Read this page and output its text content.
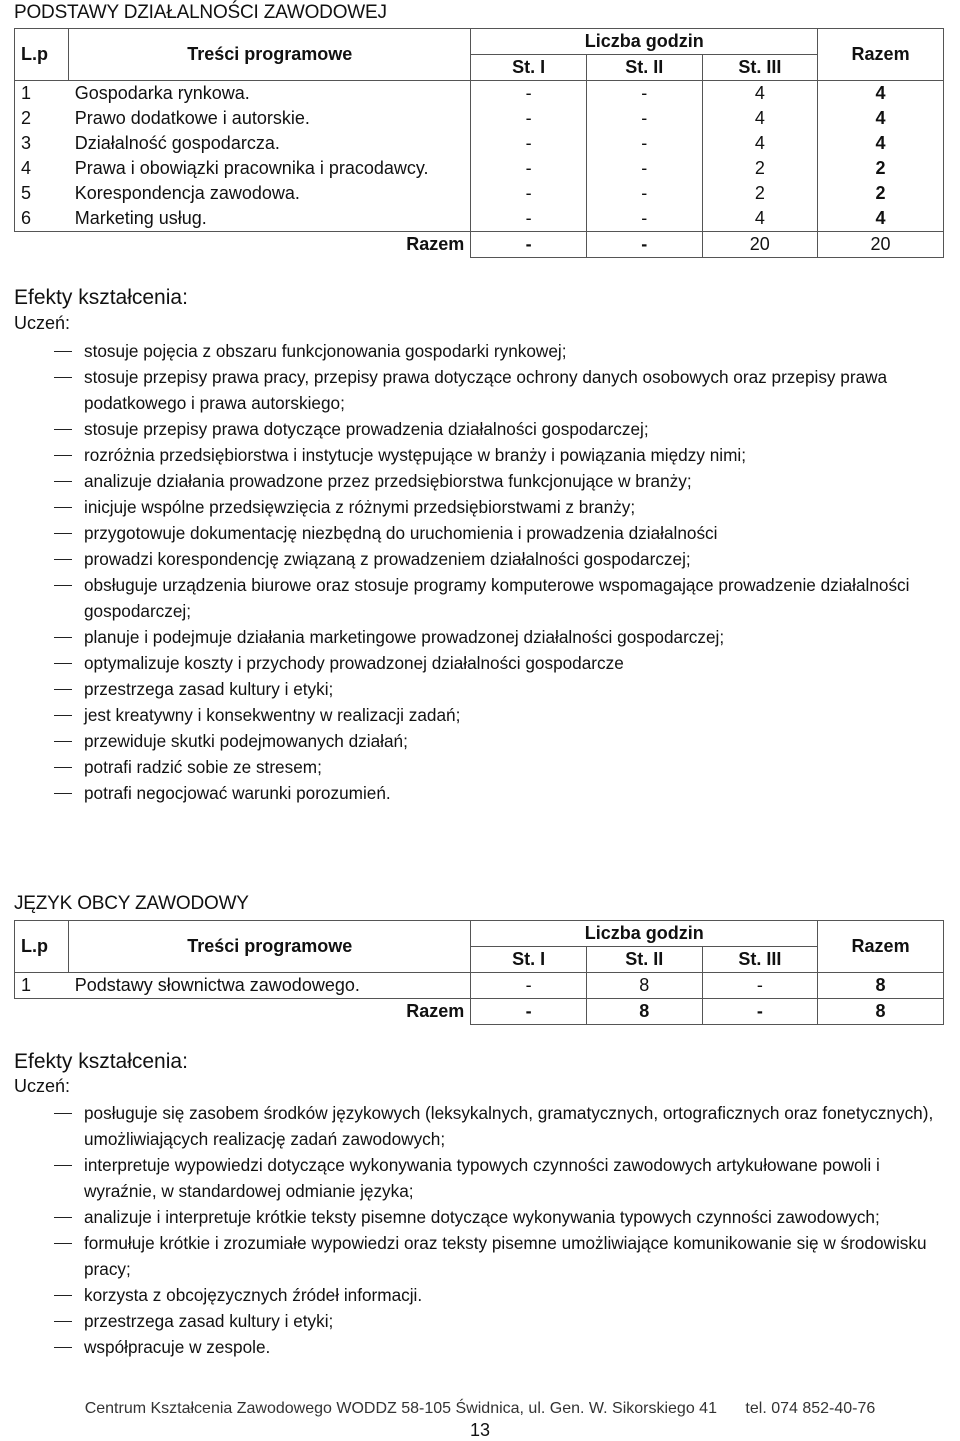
PODSTAWY DZIAŁALNOŚCI ZAWODOWEJ
L.p	Treści programowe	Liczba godzin			Razem
		St. I	St. II	St. III	
1	Gospodarka rynkowa.	-	-	4	4
2	Prawo dodatkowe i autorskie.	-	-	4	4
3	Działalność gospodarcza.	-	-	4	4
4	Prawa i obowiązki pracownika i pracodawcy.	-	-	2	2
5	Korespondencja zawodowa.	-	-	2	2
6	Marketing usług.	-	-	4	4
	Razem	-	-	20	20
Efekty kształcenia:
Uczeń:
stosuje pojęcia z obszaru funkcjonowania gospodarki rynkowej;
stosuje przepisy prawa pracy, przepisy prawa dotyczące ochrony danych osobowych oraz przepisy prawa podatkowego i prawa autorskiego;
stosuje przepisy prawa dotyczące prowadzenia działalności gospodarczej;
rozróżnia przedsiębiorstwa i instytucje występujące w branży i powiązania między nimi;
analizuje działania prowadzone przez przedsiębiorstwa funkcjonujące w branży;
inicjuje wspólne przedsięwzięcia z różnymi przedsiębiorstwami z branży;
przygotowuje dokumentację niezbędną do uruchomienia i prowadzenia działalności
prowadzi korespondencję związaną z prowadzeniem działalności gospodarczej;
obsługuje urządzenia biurowe oraz stosuje programy komputerowe wspomagające prowadzenie działalności gospodarczej;
planuje i podejmuje działania marketingowe prowadzonej działalności gospodarczej;
optymalizuje koszty i przychody prowadzonej działalności gospodarcze
przestrzega zasad kultury i etyki;
jest kreatywny i konsekwentny w realizacji zadań;
przewiduje skutki podejmowanych działań;
potrafi radzić sobie ze stresem;
potrafi negocjować warunki porozumień.
JĘZYK OBCY ZAWODOWY
L.p	Treści programowe	Liczba godzin			Razem
		St. I	St. II	St. III	
1	Podstawy słownictwa zawodowego.	-	8	-	8
	Razem	-	8	-	8
Efekty kształcenia:
Uczeń:
posługuje się zasobem środków językowych (leksykalnych, gramatycznych, ortograficznych oraz fonetycznych), umożliwiających realizację zadań zawodowych;
interpretuje wypowiedzi dotyczące wykonywania typowych czynności zawodowych artykułowane powoli i wyraźnie, w standardowej odmianie języka;
analizuje i interpretuje krótkie teksty pisemne dotyczące wykonywania typowych czynności zawodowych;
formułuje krótkie i zrozumiałe wypowiedzi oraz teksty pisemne umożliwiające komunikowanie się w środowisku pracy;
korzysta z obcojęzycznych źródeł informacji.
przestrzega zasad kultury i etyki;
współpracuje w zespole.
Centrum Kształcenia Zawodowego WODDZ 58-105 Świdnica, ul. Gen. W. Sikorskiego 41 tel. 074 852-40-76
13
